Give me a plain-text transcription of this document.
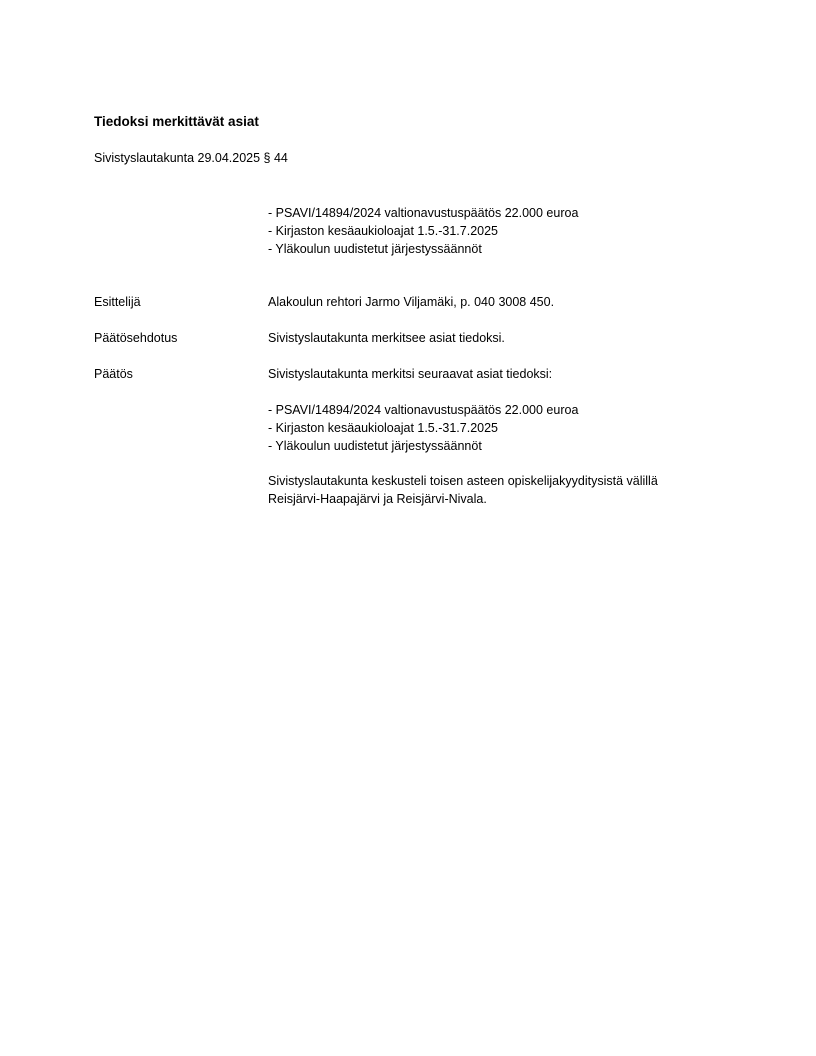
Tiedoksi merkittävät asiat
Sivistyslautakunta 29.04.2025 § 44
- PSAVI/14894/2024 valtionavustuspäätös 22.000 euroa
- Kirjaston kesäaukioloajat 1.5.-31.7.2025
- Yläkoulun uudistetut järjestyssäännöt
Esittelijä	Alakoulun rehtori Jarmo Viljamäki, p. 040 3008 450.
Päätösehdotus	Sivistyslautakunta merkitsee asiat tiedoksi.
Päätös	Sivistyslautakunta merkitsi seuraavat asiat tiedoksi:
- PSAVI/14894/2024 valtionavustuspäätös 22.000 euroa
- Kirjaston kesäaukioloajat 1.5.-31.7.2025
- Yläkoulun uudistetut järjestyssäännöt
Sivistyslautakunta keskusteli toisen asteen opiskelijakyyditysistä välillä
Reisjärvi-Haapajärvi ja Reisjärvi-Nivala.
